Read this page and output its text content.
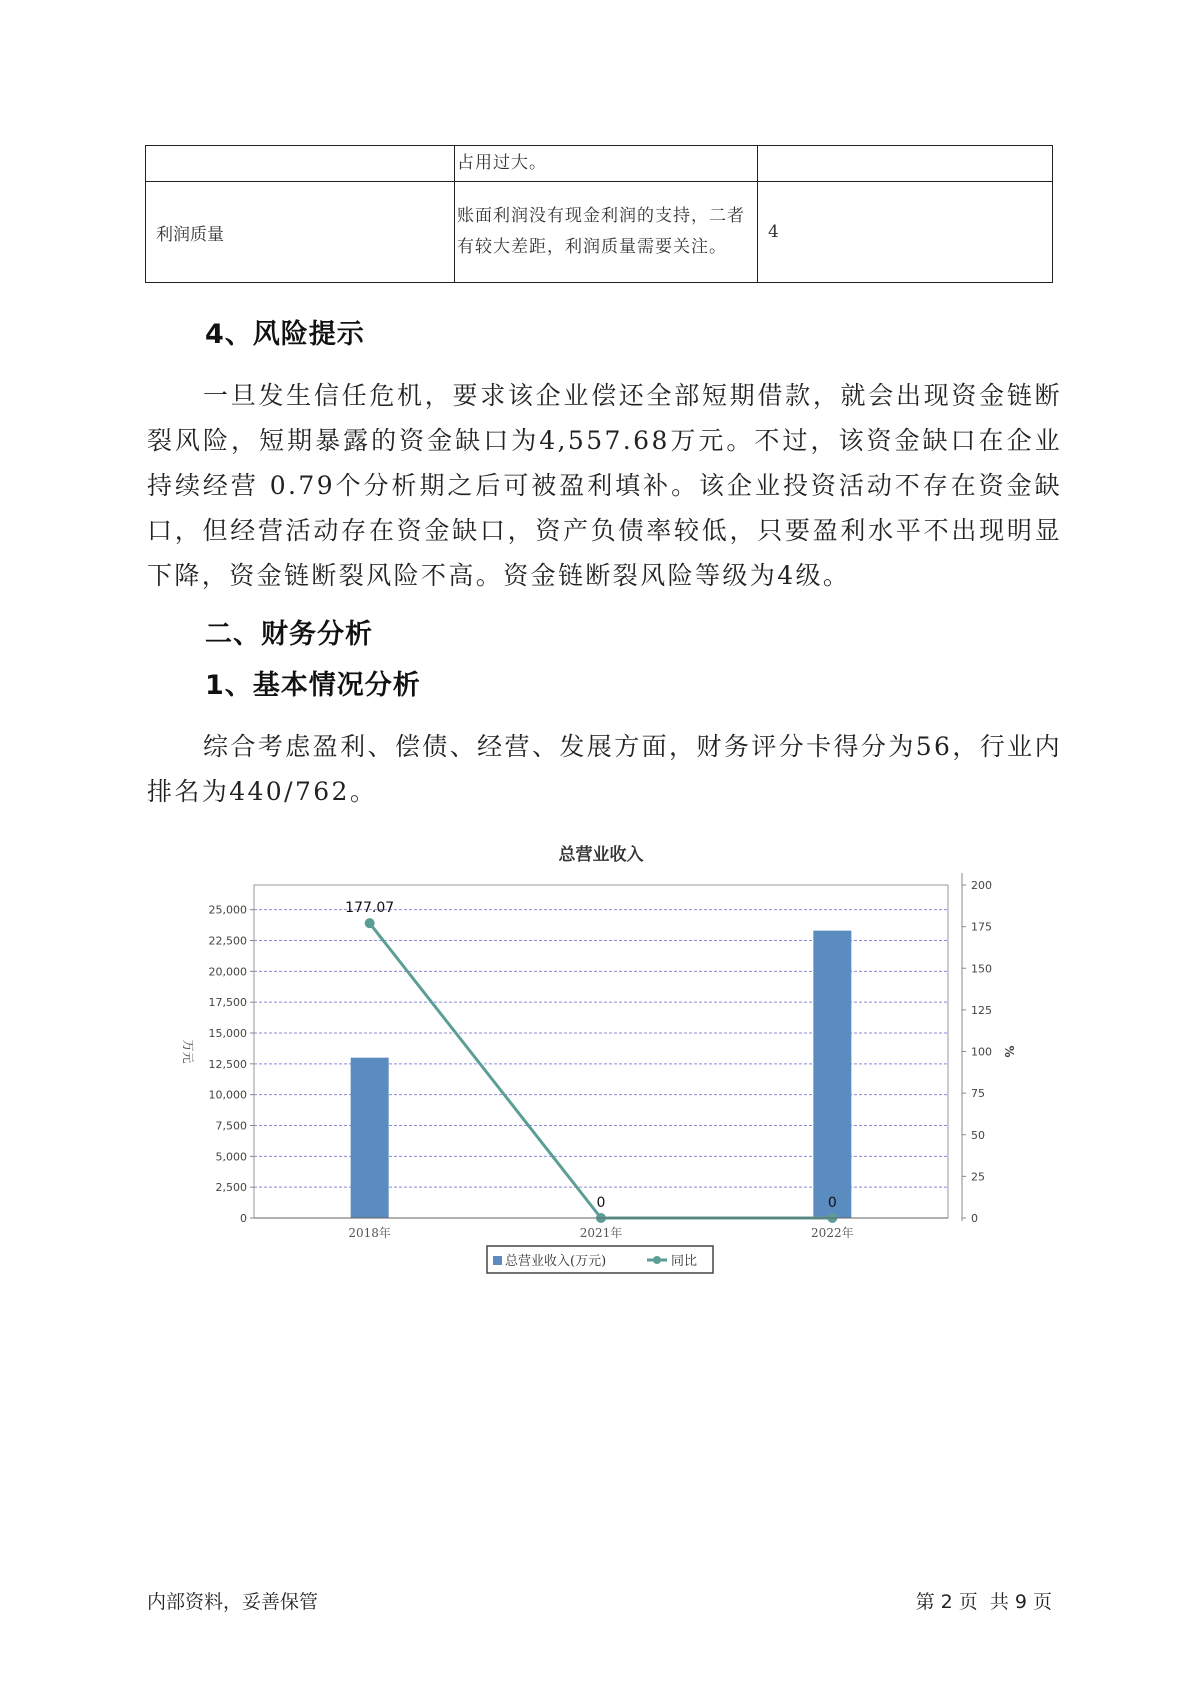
	占用过大。	
利润质量	账面利润没有现金利润的支持，二者有较大差距，利润质量需要关注。	4
4、风险提示
一旦发生信任危机，要求该企业偿还全部短期借款，就会出现资金链断裂风险，短期暴露的资金缺口为4,557.68万元。不过，该资金缺口在企业持续经营 0.79个分析期之后可被盈利填补。该企业投资活动不存在资金缺口，但经营活动存在资金缺口，资产负债率较低，只要盈利水平不出现明显下降，资金链断裂风险不高。资金链断裂风险等级为4级。
二、财务分析
1、基本情况分析
综合考虑盈利、偿债、经营、发展方面，财务评分卡得分为56，行业内排名为440/762。
总营业收入
0
2,500
5,000
7,500
10,000
12,500
15,000
17,500
20,000
22,500
25,000
0
25
50
75
100
125
150
175
200
万元	%
177.07
0	0
2018年	2021年	2022年
总营业收入(万元)	同比
内部资料，妥善保管	第 2 页  共 9 页
